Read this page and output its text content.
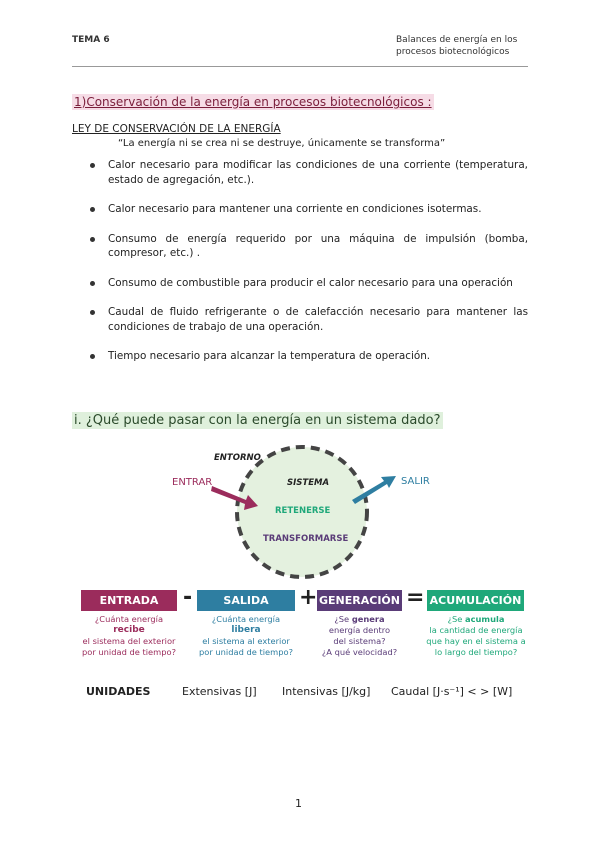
TEMA 6	Balances de energía en los
procesos biotecnológicos
1)Conservación de la energía en procesos biotecnológicos :
LEY DE CONSERVACIÓN DE LA ENERGÍA
“La energía ni se crea ni se destruye, únicamente se transforma”
Calor necesario para modificar las condiciones de una corriente (temperatura, estado de agregación, etc.).
Calor necesario para mantener una corriente en condiciones isotermas.
Consumo de energía requerido por una máquina de impulsión (bomba, compresor, etc.) .
Consumo de combustible para producir el calor necesario para una operación
Caudal de fluido refrigerante o de calefacción necesario para mantener las condiciones de trabajo de una operación.
Tiempo necesario para alcanzar la temperatura de operación.
i. ¿Qué puede pasar con la energía en un sistema dado?
ENTORNO
ENTRAR	SISTEMA	SALIR
RETENERSE
TRANSFORMARSE
ENTRADA	-	SALIDA	+ GENERACIÓN = ACUMULACIÓN
¿Cuánta energía
recibe
el sistema del exterior
por unidad de tiempo?
¿Cuánta energía
libera
el sistema al exterior
por unidad de tiempo?
¿Se genera
energía dentro
del sistema?
¿A qué velocidad?
¿Se acumula
la cantidad de energía
que hay en el sistema a
lo largo del tiempo?
UNIDADES	Extensivas [J] Intensivas [J/kg] Caudal [J·s⁻¹] < > [W]
1
